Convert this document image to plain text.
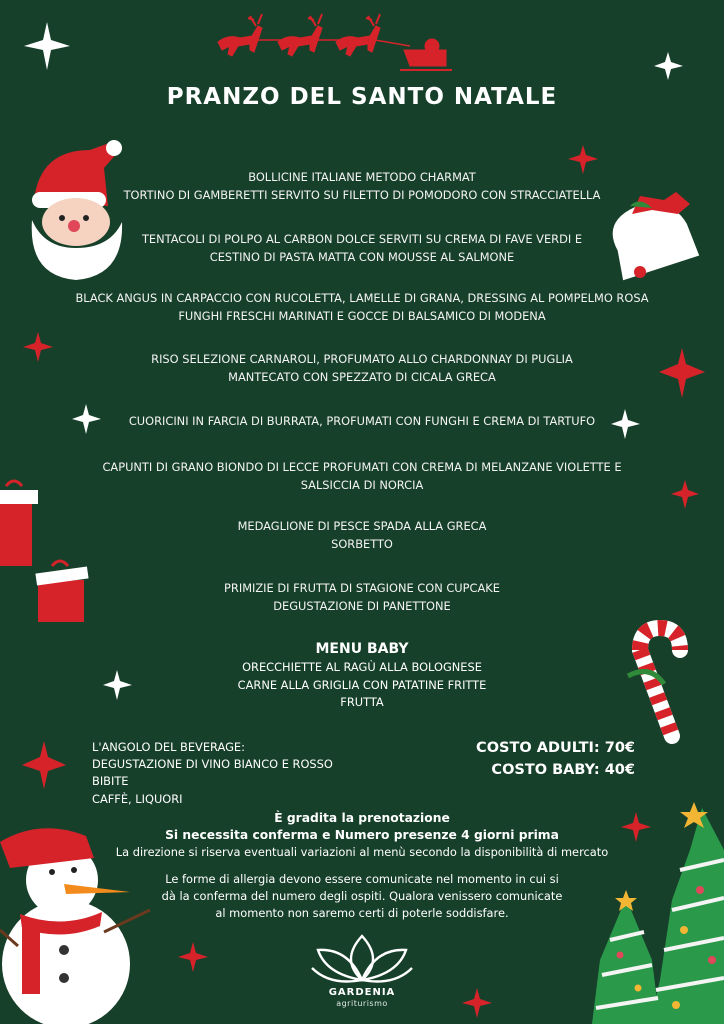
PRANZO DEL SANTO NATALE
BOLLICINE ITALIANE METODO CHARMAT
TORTINO DI GAMBERETTI SERVITO SU FILETTO DI POMODORO CON STRACCIATELLA
TENTACOLI DI POLPO AL CARBON DOLCE SERVITI SU CREMA DI FAVE VERDI E
CESTINO DI PASTA MATTA CON MOUSSE AL SALMONE
BLACK ANGUS IN CARPACCIO CON RUCOLETTA, LAMELLE DI GRANA, DRESSING AL POMPELMO ROSA
FUNGHI FRESCHI MARINATI E GOCCE DI BALSAMICO DI MODENA
RISO SELEZIONE CARNAROLI, PROFUMATO ALLO CHARDONNAY DI PUGLIA
MANTECATO CON SPEZZATO DI CICALA GRECA
CUORICINI IN FARCIA DI BURRATA, PROFUMATI CON FUNGHI E CREMA DI TARTUFO
CAPUNTI DI GRANO BIONDO DI LECCE PROFUMATI CON CREMA DI MELANZANE VIOLETTE E
SALSICCIA DI NORCIA
MEDAGLIONE DI PESCE SPADA ALLA GRECA
SORBETTO
PRIMIZIE DI FRUTTA DI STAGIONE CON CUPCAKE
DEGUSTAZIONE DI PANETTONE
MENU BABY
ORECCHIETTE AL RAGÙ ALLA BOLOGNESE
CARNE ALLA GRIGLIA CON PATATINE FRITTE
FRUTTA
L'ANGOLO DEL BEVERAGE:
DEGUSTAZIONE DI VINO BIANCO E ROSSO
BIBITE
CAFFÈ, LIQUORI
COSTO ADULTI: 70€
COSTO BABY: 40€
È gradita la prenotazione
Si necessita conferma e Numero presenze 4 giorni prima
La direzione si riserva eventuali variazioni al menù secondo la disponibilità di mercato
Le forme di allergia devono essere comunicate nel momento in cui si
dà la conferma del numero degli ospiti. Qualora venissero comunicate
al momento non saremo certi di poterle soddisfare.
GARDENIA
agriturismo
